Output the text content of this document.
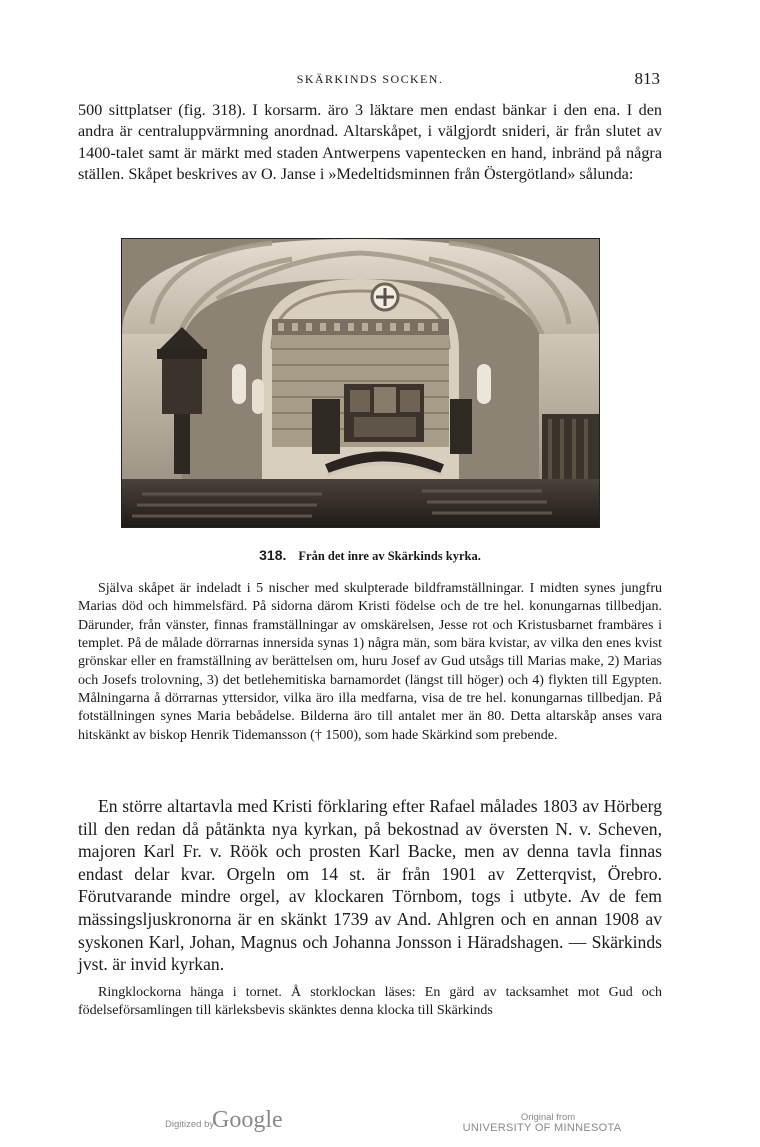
SKÄRKINDS SOCKEN.	813

500 sittplatser (fig. 318). I korsarm. äro 3 läktare men endast bänkar i den ena. I den andra är centraluppvärmning anordnad. Altarskåpet, i välgjordt snideri, är från slutet av 1400-talet samt är märkt med staden Antwerpens vapentecken en hand, inbränd på några ställen. Skåpet beskrives av O. Janse i »Medeltidsminnen från Östergötland» sålunda:

318. Från det inre av Skärkinds kyrka.

Själva skåpet är indeladt i 5 nischer med skulpterade bildframställningar. I midten synes jungfru Marias död och himmelsfärd. På sidorna därom Kristi födelse och de tre hel. konungarnas tillbedjan. Därunder, från vänster, finnas framställningar av omskärelsen, Jesse rot och Kristusbarnet frambäres i templet. På de målade dörrarnas innersida synas 1) några män, som bära kvistar, av vilka den enes kvist grönskar eller en framställning av berättelsen om, huru Josef av Gud utsågs till Marias make, 2) Marias och Josefs trolovning, 3) det betlehemitiska barnamordet (längst till höger) och 4) flykten till Egypten. Målningarna å dörrarnas yttersidor, vilka äro illa medfarna, visa de tre hel. konungarnas tillbedjan. På fotställningen synes Maria bebådelse. Bilderna äro till antalet mer än 80. Detta altarskåp anses vara hitskänkt av biskop Henrik Tidemansson († 1500), som hade Skärkind som prebende.

En större altartavla med Kristi förklaring efter Rafael målades 1803 av Hörberg till den redan då påtänkta nya kyrkan, på bekostnad av översten N. v. Scheven, majoren Karl Fr. v. Röök och prosten Karl Backe, men av denna tavla finnas endast delar kvar. Orgeln om 14 st. är från 1901 av Zetterqvist, Örebro. Förutvarande mindre orgel, av klockaren Törnbom, togs i utbyte. Av de fem mässingsljuskronorna är en skänkt 1739 av And. Ahlgren och en annan 1908 av syskonen Karl, Johan, Magnus och Johanna Jonsson i Häradshagen. — Skärkinds jvst. är invid kyrkan.

Ringklockorna hänga i tornet. Å storklockan läses: En gärd av tacksamhet mot Gud och födelseförsamlingen till kärleksbevis skänktes denna klocka till Skärkinds

Digitized by
Google	Original from
UNIVERSITY OF MINNESOTA
